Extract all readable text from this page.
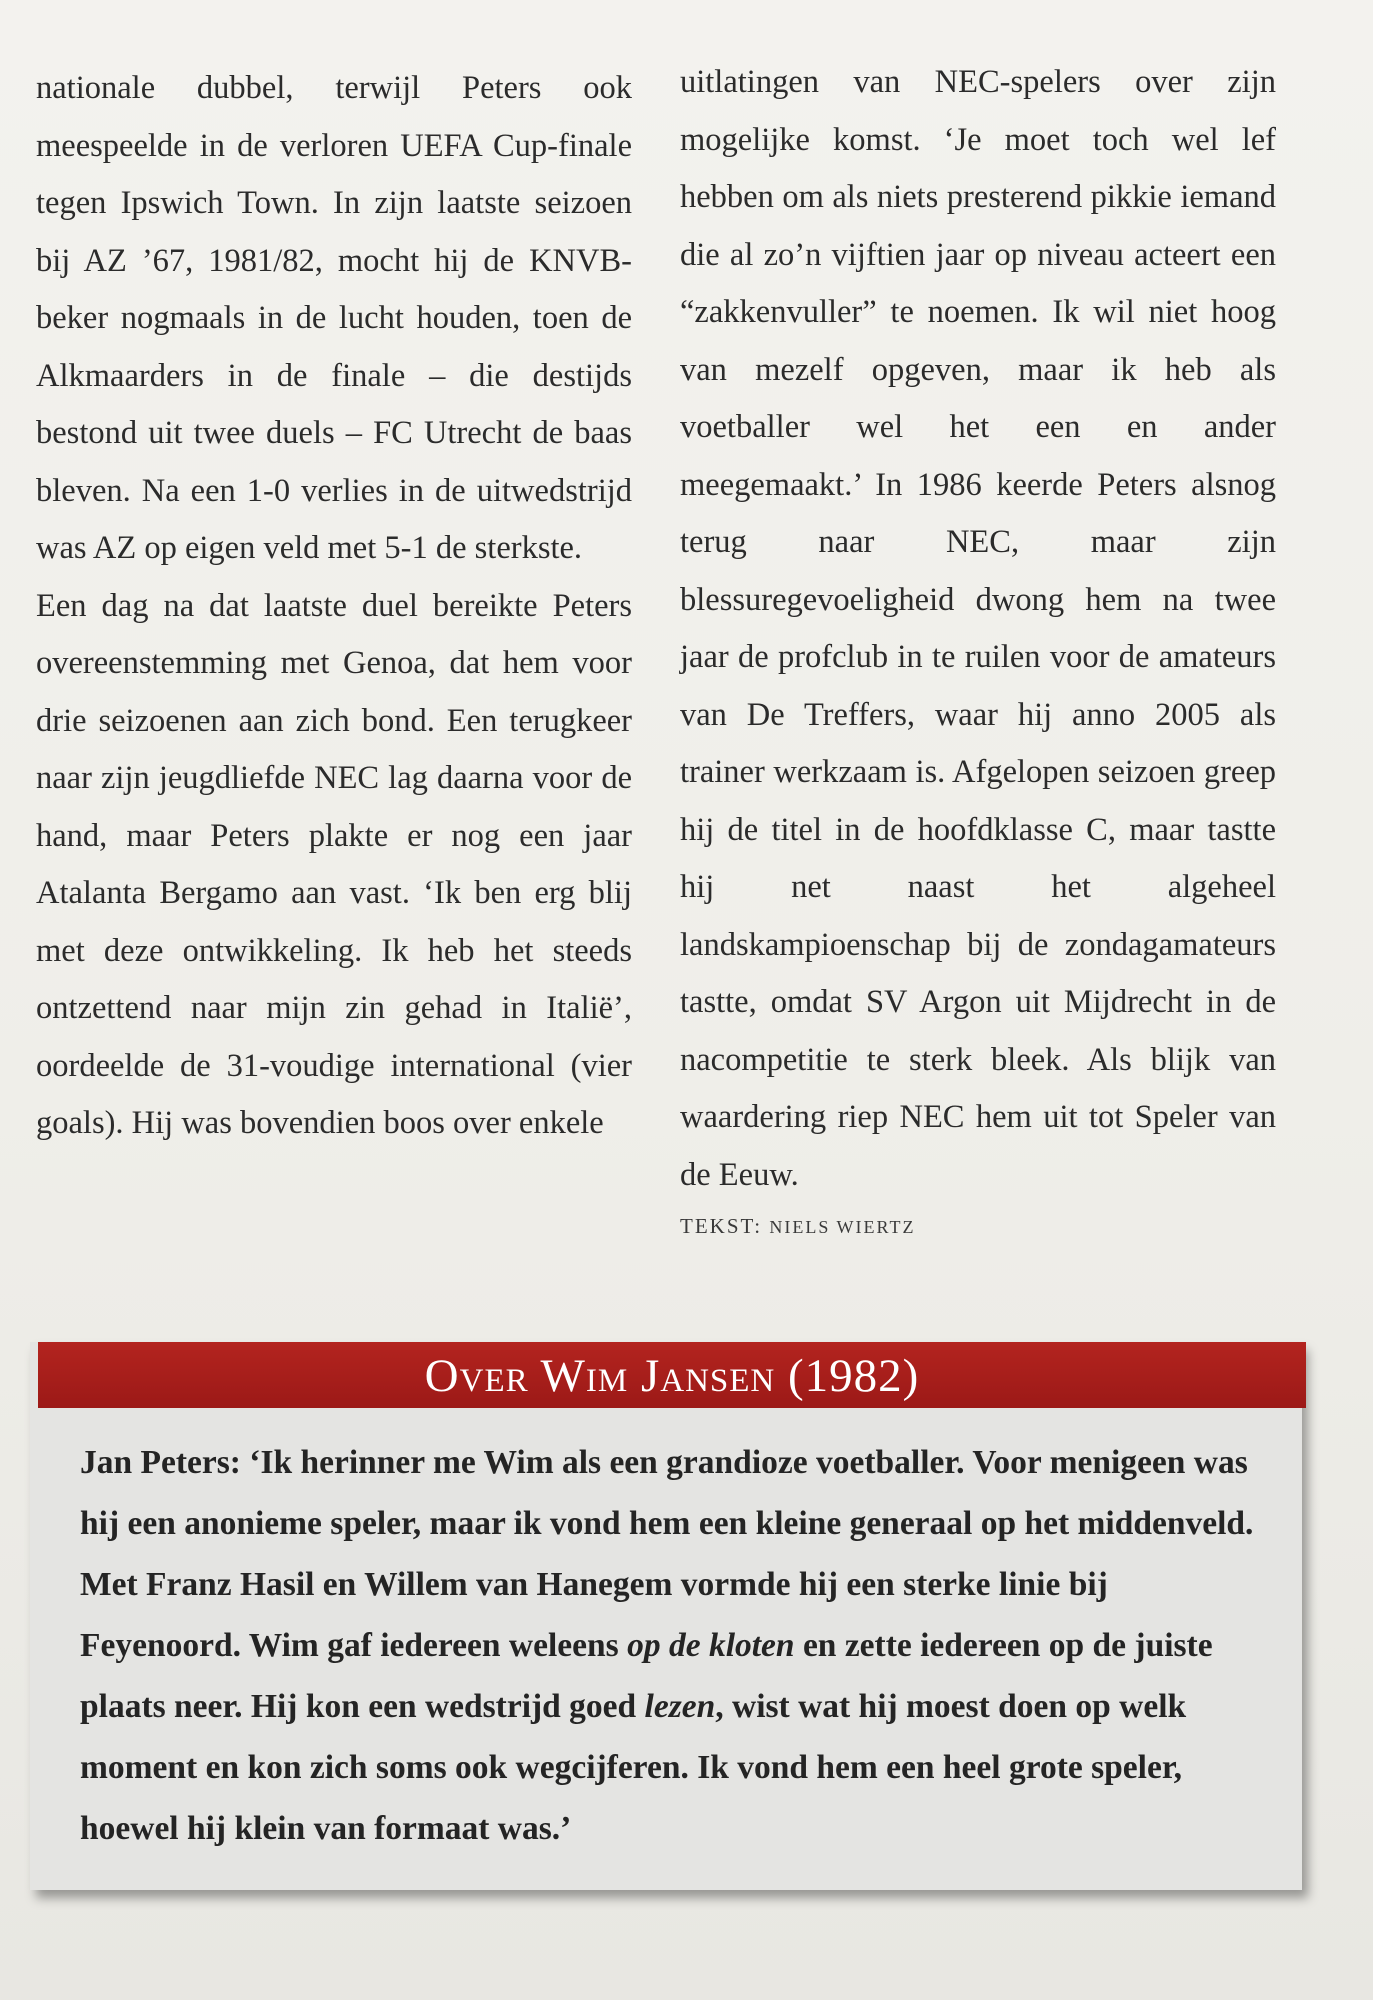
nationale dubbel, terwijl Peters ook meespeelde in de verloren UEFA Cup-finale tegen Ipswich Town. In zijn laatste seizoen bij AZ ’67, 1981/82, mocht hij de KNVB-beker nogmaals in de lucht houden, toen de Alkmaarders in de finale – die destijds bestond uit twee duels – FC Utrecht de baas bleven. Na een 1-0 verlies in de uitwedstrijd was AZ op eigen veld met 5-1 de sterkste.

Een dag na dat laatste duel bereikte Peters overeenstemming met Genoa, dat hem voor drie seizoenen aan zich bond. Een terugkeer naar zijn jeugdliefde NEC lag daarna voor de hand, maar Peters plakte er nog een jaar Atalanta Bergamo aan vast. ‘Ik ben erg blij met deze ontwikkeling. Ik heb het steeds ontzettend naar mijn zin gehad in Italië’, oordeelde de 31-voudige international (vier goals). Hij was bovendien boos over enkele

uitlatingen van NEC-spelers over zijn mogelijke komst. ‘Je moet toch wel lef hebben om als niets presterend pikkie iemand die al zo’n vijftien jaar op niveau acteert een “zakkenvuller” te noemen. Ik wil niet hoog van mezelf opgeven, maar ik heb als voetballer wel het een en ander meegemaakt.’ In 1986 keerde Peters alsnog terug naar NEC, maar zijn blessuregevoeligheid dwong hem na twee jaar de profclub in te ruilen voor de amateurs van De Treffers, waar hij anno 2005 als trainer werkzaam is. Afgelopen seizoen greep hij de titel in de hoofdklasse C, maar tastte hij net naast het algeheel landskampioenschap bij de zondagamateurs tastte, omdat SV Argon uit Mijdrecht in de nacompetitie te sterk bleek. Als blijk van waardering riep NEC hem uit tot Speler van de Eeuw.

TEKST: NIELS WIERTZ
Over Wim Jansen (1982)
Jan Peters: ‘Ik herinner me Wim als een grandioze voetballer. Voor menigeen was hij een anonieme speler, maar ik vond hem een kleine generaal op het middenveld. Met Franz Hasil en Willem van Hanegem vormde hij een sterke linie bij Feyenoord. Wim gaf iedereen weleens op de kloten en zette iedereen op de juiste plaats neer. Hij kon een wedstrijd goed lezen, wist wat hij moest doen op welk moment en kon zich soms ook wegcijferen. Ik vond hem een heel grote speler, hoewel hij klein van formaat was.’
